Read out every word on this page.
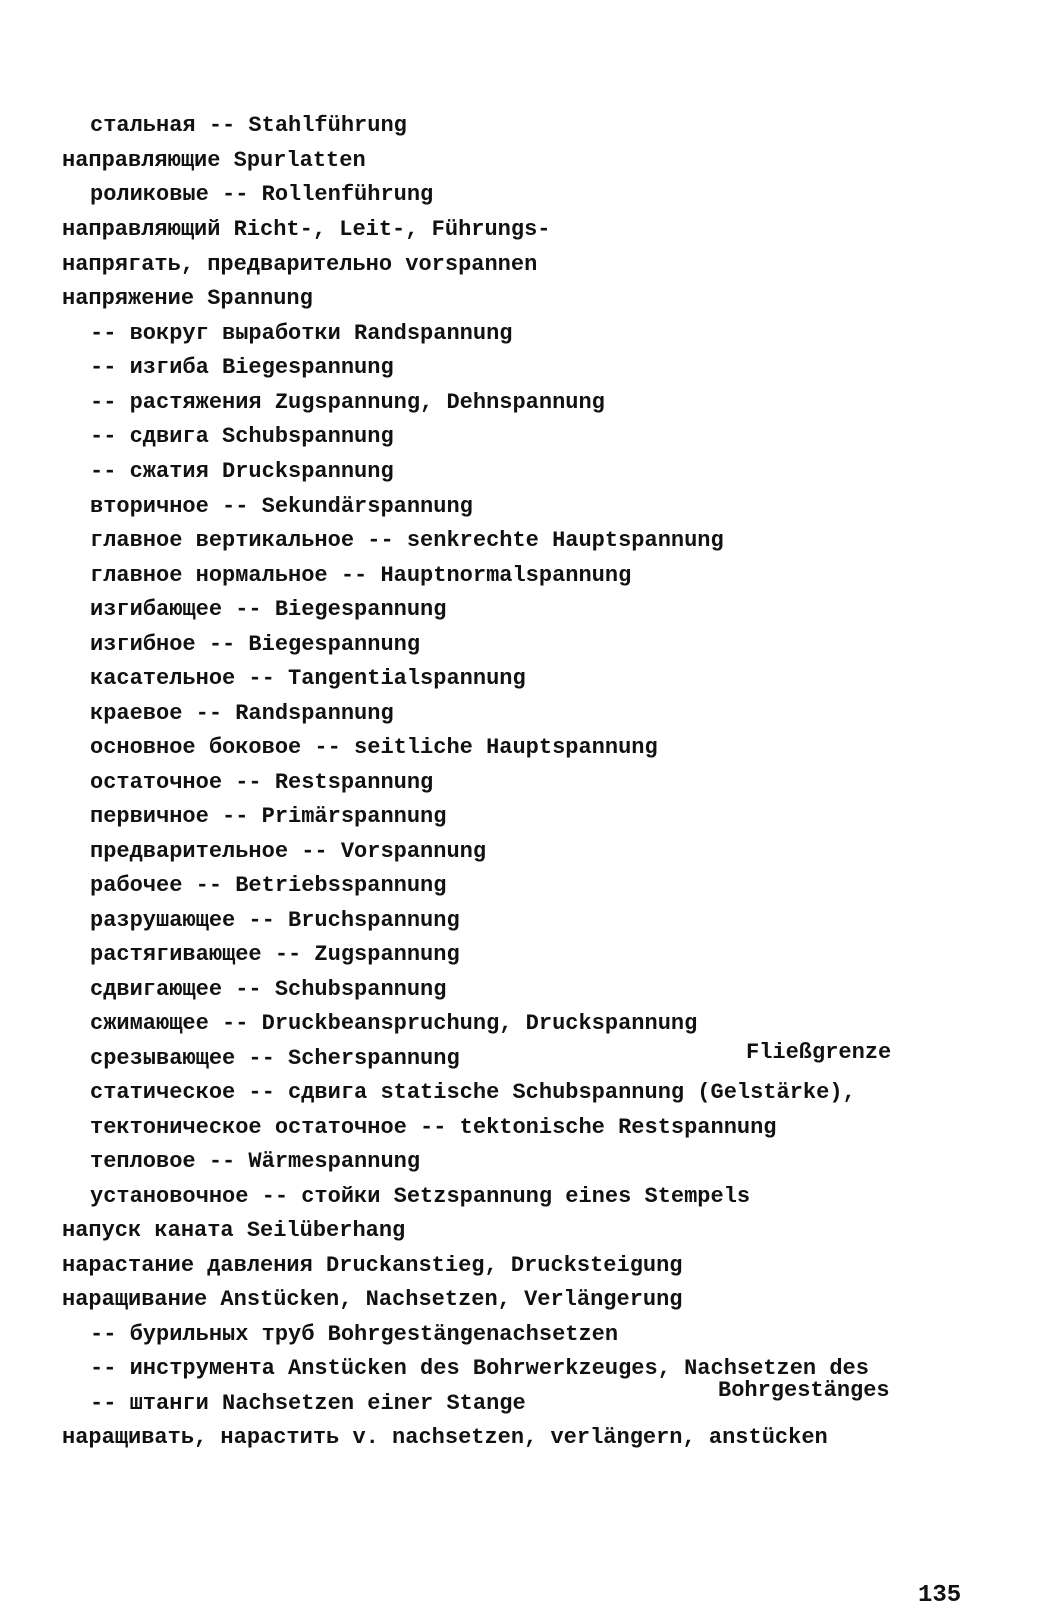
стальная -- Stahlführung
направляющие Spurlatten
роликовые -- Rollenführung
направляющий Richt-, Leit-, Führungs-
напрягать, предварительно vorspannen
напряжение Spannung
-- вокруг выработки Randspannung
-- изгиба Biegespannung
-- растяжения Zugspannung, Dehnspannung
-- сдвига Schubspannung
-- сжатия Druckspannung
вторичное -- Sekundärspannung
главное вертикальное -- senkrechte Hauptspannung
главное нормальное -- Hauptnormalspannung
изгибающее -- Biegespannung
изгибное -- Biegespannung
касательное -- Tangentialspannung
краевое -- Randspannung
основное боковое -- seitliche Hauptspannung
остаточное -- Restspannung
первичное -- Primärspannung
предварительное -- Vorspannung
рабочее -- Betriebsspannung
разрушающее -- Bruchspannung
растягивающее -- Zugspannung
сдвигающее -- Schubspannung
сжимающее -- Druckbeanspruchung, Druckspannung
срезывающее -- Scherspannung
статическое -- сдвига statische Schubspannung (Gelstärke),
тектоническое остаточное -- tektonische Restspannung
тепловое -- Wärmespannung
установочное -- стойки Setzspannung eines Stempels
напуск каната Seilüberhang
нарастание давления Druckanstieg, Drucksteigung
наращивание Anstücken, Nachsetzen, Verlängerung
-- бурильных труб Bohrgestängenachsetzen
-- инструмента Anstücken des Bohrwerkzeuges, Nachsetzen des
-- штанги Nachsetzen einer Stange
наращивать, нарастить v. nachsetzen, verlängern, anstücken
Fließgrenze
Bohrgestänges
135
